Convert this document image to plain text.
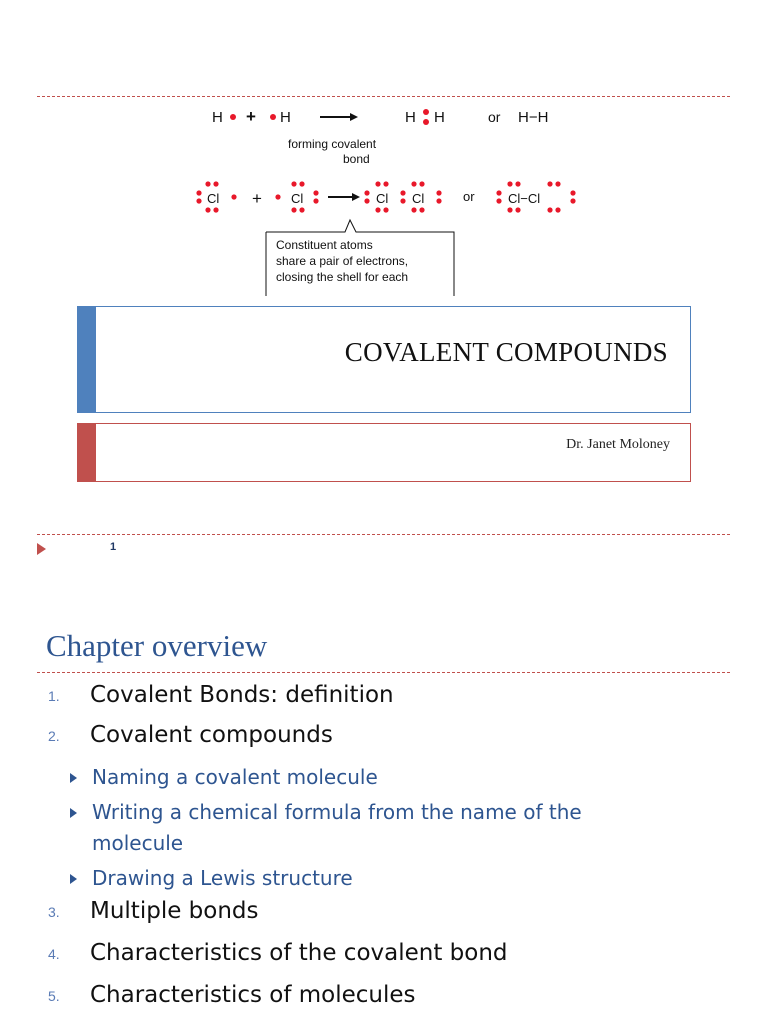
H + H	H H	or H−H
forming covalent
bond
Cl + Cl	Cl Cl	or	Cl−Cl
Constituent atoms
share a pair of electrons,
closing the shell for each
COVALENT COMPOUNDS
Dr. Janet Moloney
1
Chapter overview
1. Covalent Bonds: definition
2. Covalent compounds
Naming a covalent molecule
Writing a chemical formula from the name of the molecule
Drawing a Lewis structure
3. Multiple bonds
4. Characteristics of the covalent bond
5. Characteristics of molecules
